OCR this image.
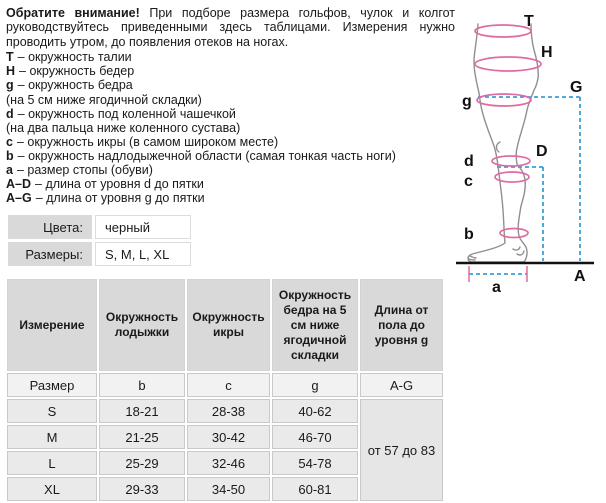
Обратите внимание! При подборе размера гольфов, чулок и колгот руководствуйтесь приведенными здесь таблицами. Измерения нужно проводить утром, до появления отеков на ногах.

T – окружность талии
H – окружность бедер
g – окружность бедра
(на 5 см ниже ягодичной складки)
d – окружность под коленной чашечкой
(на два пальца ниже коленного сустава)
c – окружность икры (в самом широком месте)
b – окружность надлодыжечной области (самая тонкая часть ноги)
a – размер стопы (обуви)
A–D – длина от уровня d до пятки
A–G – длина от уровня g до пятки
Цвета:	черный
Размеры:	S, M, L, XL
Измерение	Окружность лодыжки	Окружность икры	Окружность бедра на 5 см ниже ягодичной складки	Длина от пола до уровня g
Размер	b	c	g	A-G
S	18-21	28-38	40-62	от 57 до 83
M	21-25	30-42	46-70	
L	25-29	32-46	54-78	
XL	29-33	34-50	60-81	
T
H
G
g
D
d
c
b
a
A
